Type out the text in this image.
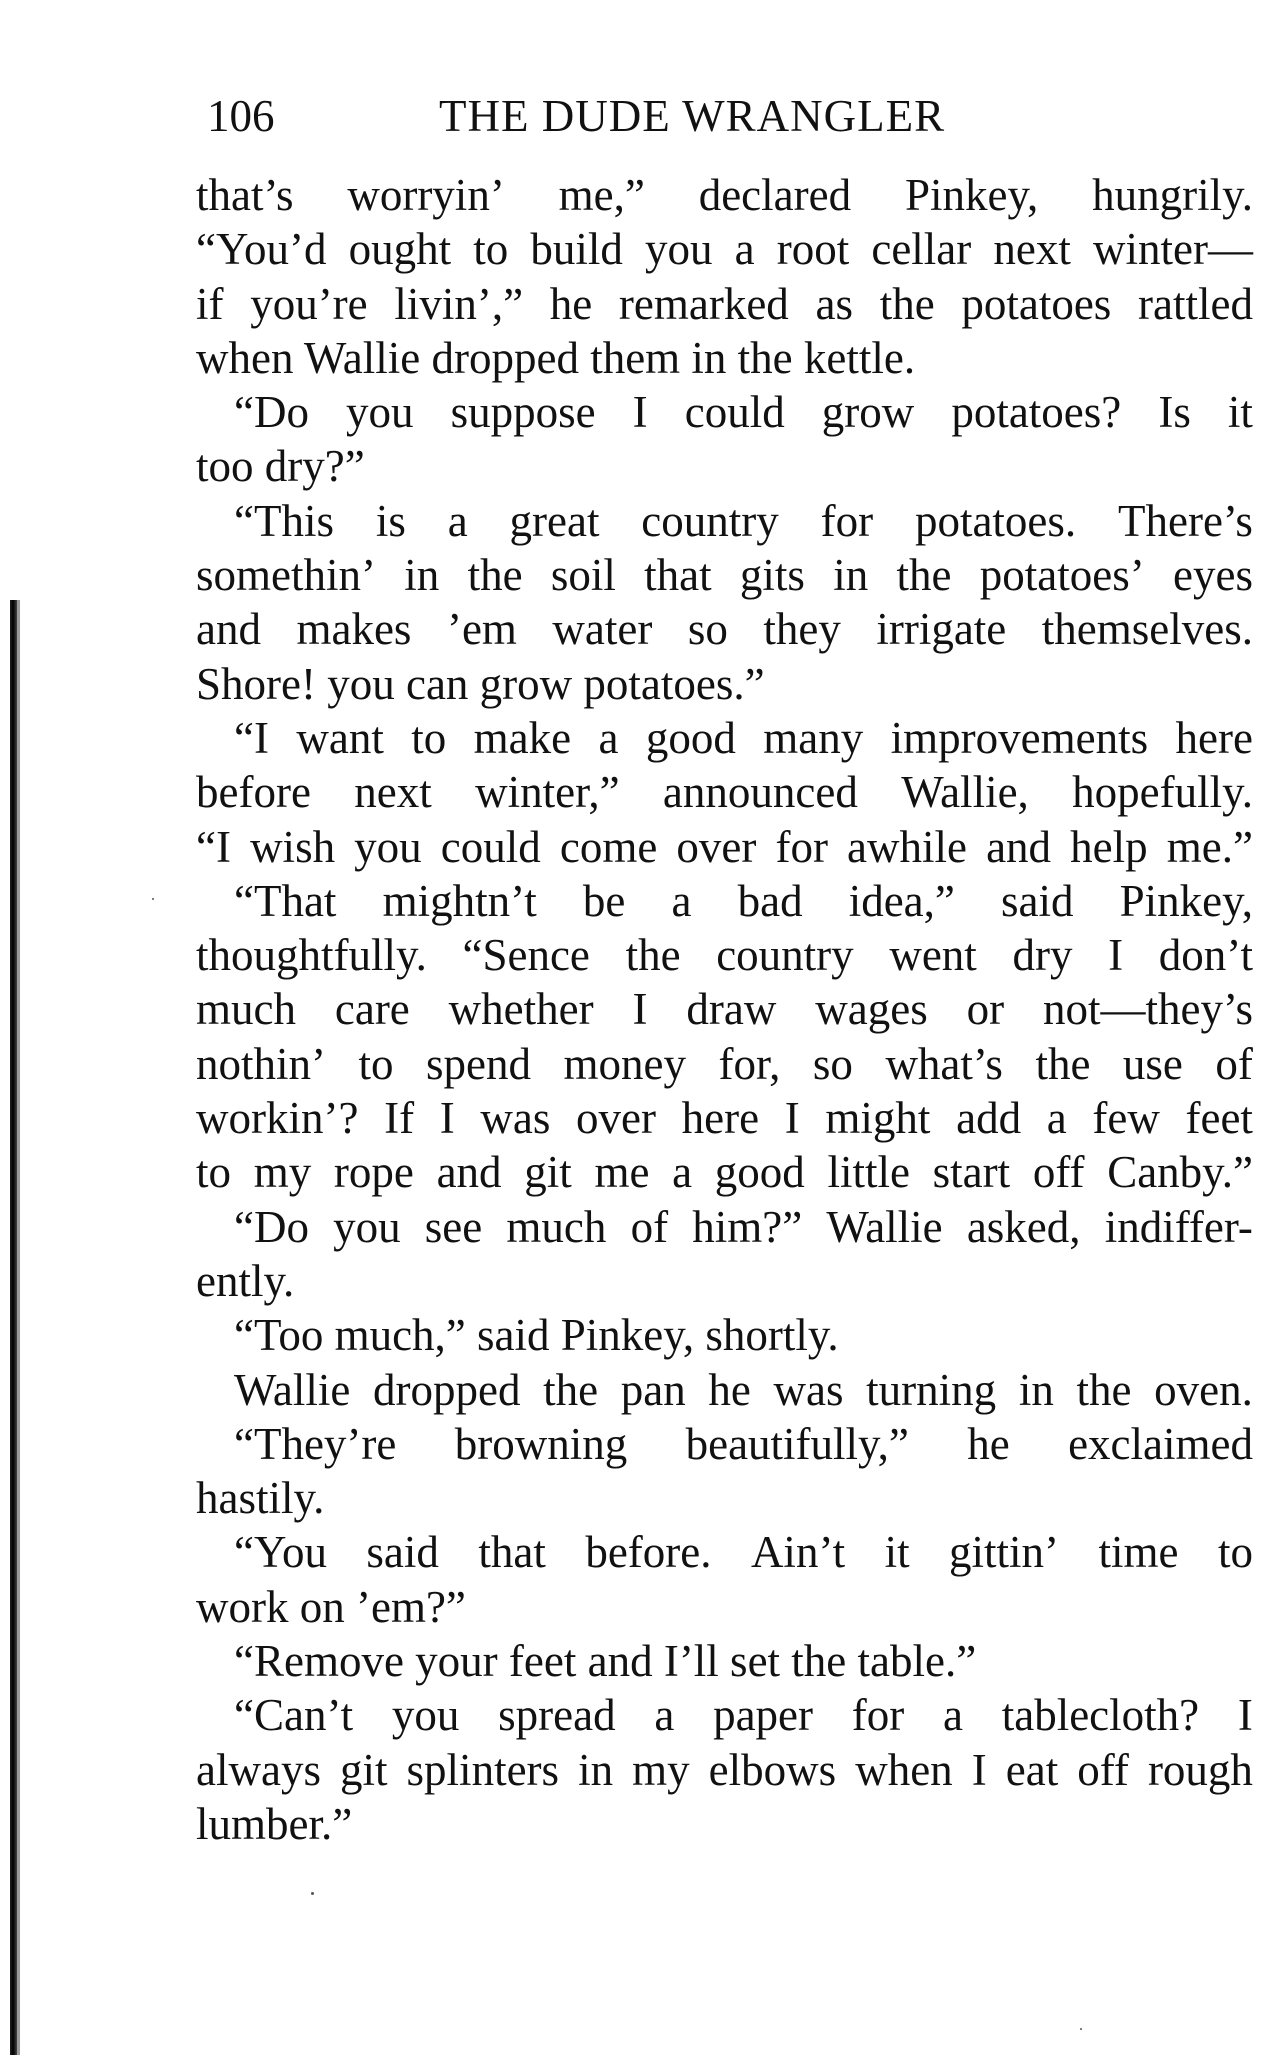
106	THE DUDE WRANGLER
that’s worryin’ me,” declared Pinkey, hungrily.
“You’d ought to build you a root cellar next winter—
if you’re livin’,” he remarked as the potatoes rattled
when Wallie dropped them in the kettle.
“Do you suppose I could grow potatoes? Is it
too dry?”
“This is a great country for potatoes. There’s
somethin’ in the soil that gits in the potatoes’ eyes
and makes ’em water so they irrigate themselves.
Shore! you can grow potatoes.”
“I want to make a good many improvements here
before next winter,” announced Wallie, hopefully.
“I wish you could come over for awhile and help me.”
“That mightn’t be a bad idea,” said Pinkey,
thoughtfully. “Sence the country went dry I don’t
much care whether I draw wages or not—they’s
nothin’ to spend money for, so what’s the use of
workin’? If I was over here I might add a few feet
to my rope and git me a good little start off Canby.”
“Do you see much of him?” Wallie asked, indiffer-
ently.
“Too much,” said Pinkey, shortly.
Wallie dropped the pan he was turning in the oven.
“They’re browning beautifully,” he exclaimed
hastily.
“You said that before. Ain’t it gittin’ time to
work on ’em?”
“Remove your feet and I’ll set the table.”
“Can’t you spread a paper for a tablecloth? I
always git splinters in my elbows when I eat off rough
lumber.”
